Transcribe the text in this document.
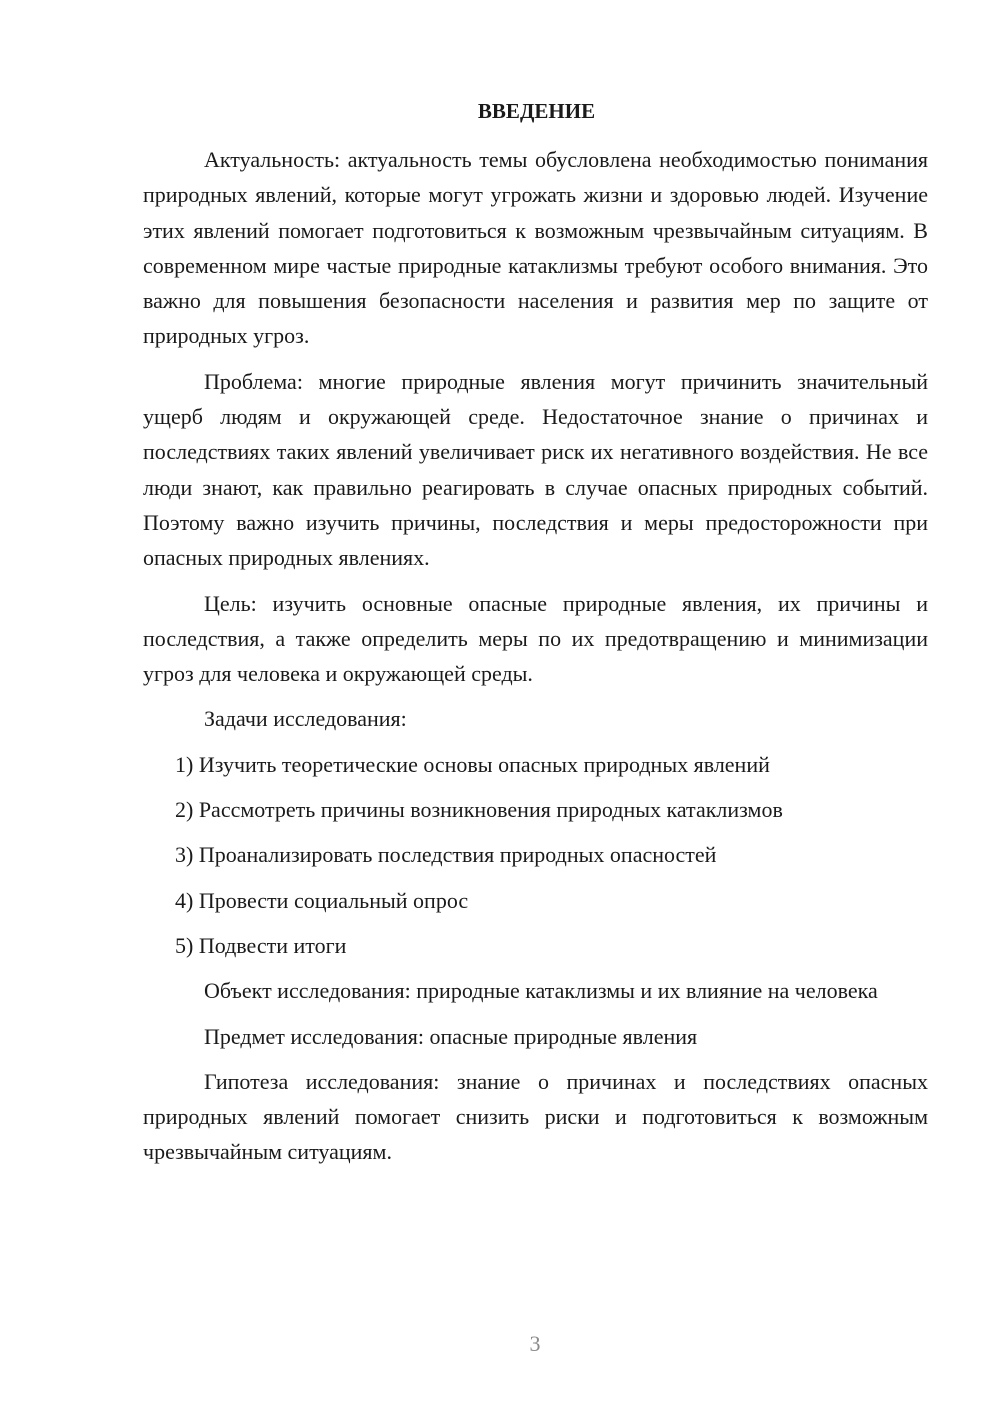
ВВЕДЕНИЕ

Актуальность: актуальность темы обусловлена необходимостью понимания природных явлений, которые могут угрожать жизни и здоровью людей. Изучение этих явлений помогает подготовиться к возможным чрезвычайным ситуациям. В современном мире частые природные катаклизмы требуют особого внимания. Это важно для повышения безопасности населения и развития мер по защите от природных угроз.

Проблема: многие природные явления могут причинить значительный ущерб людям и окружающей среде. Недостаточное знание о причинах и последствиях таких явлений увеличивает риск их негативного воздействия. Не все люди знают, как правильно реагировать в случае опасных природных событий. Поэтому важно изучить причины, последствия и меры предосторожности при опасных природных явлениях.

Цель: изучить основные опасные природные явления, их причины и последствия, а также определить меры по их предотвращению и минимизации угроз для человека и окружающей среды.

Задачи исследования:

1) Изучить теоретические основы опасных природных явлений
2) Рассмотреть причины возникновения природных катаклизмов
3) Проанализировать последствия природных опасностей
4) Провести социальный опрос
5) Подвести итоги

Объект исследования: природные катаклизмы и их влияние на человека

Предмет исследования: опасные природные явления

Гипотеза исследования: знание о причинах и последствиях опасных природных явлений помогает снизить риски и подготовиться к возможным чрезвычайным ситуациям.

3
